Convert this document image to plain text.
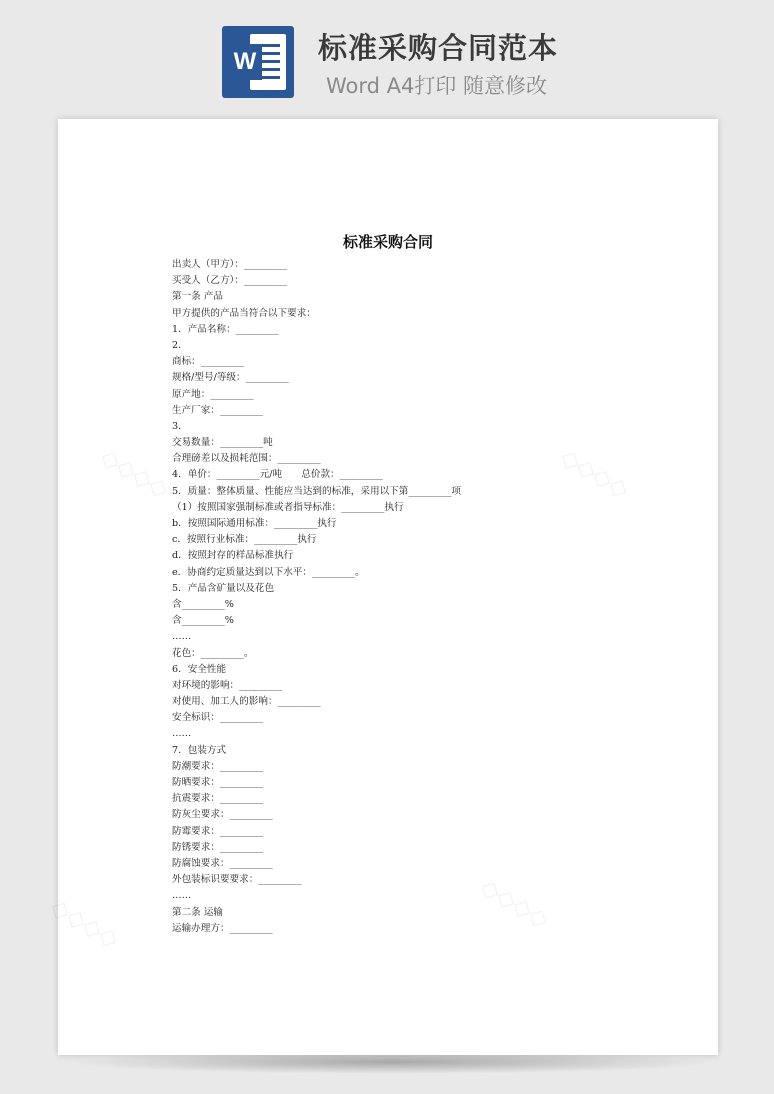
W 标准采购合同范本
Word A4打印 随意修改
◇◇◇◇	◇◇◇◇
◇◇◇◇	◇◇◇◇
标准采购合同
出卖人（甲方）：_________
买受人（乙方）：_________
第一条 产品
甲方提供的产品当符合以下要求：
1．产品名称：_________
2．
商标：_________
规格/型号/等级：_________
原产地：_________
生产厂家：_________
3．
交易数量：_________吨
合理磅差以及损耗范围：_________
4．单价：_________元/吨　　总价款：_________
5．质量：整体质量、性能应当达到的标准，采用以下第_________项
（1）按照国家强制标准或者指导标准：_________执行
b．按照国际通用标准：_________执行
c．按照行业标准：_________执行
d．按照封存的样品标准执行
e．协商约定质量达到以下水平：_________。
5．产品含矿量以及花色
含_________%
含_________%
……
花色：_________。
6．安全性能
对环境的影响：_________
对使用、加工人的影响：_________
安全标识：_________
……
7．包装方式
防潮要求：_________
防晒要求：_________
抗震要求：_________
防灰尘要求：_________
防霉要求：_________
防锈要求：_________
防腐蚀要求：_________
外包装标识要要求：_________
……
第二条 运输
运输办理方：_________
